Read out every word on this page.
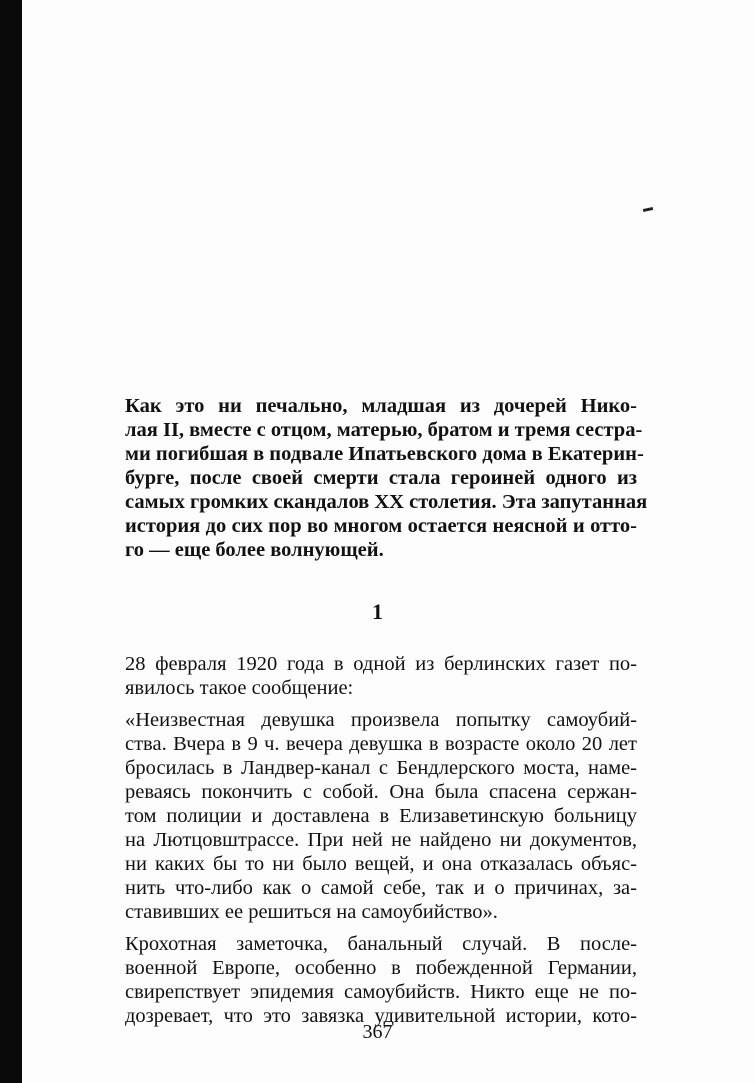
Как это ни печально, младшая из дочерей Нико-
лая II, вместе с отцом, матерью, братом и тремя сестра-
ми погибшая в подвале Ипатьевского дома в Екатерин-
бурге, после своей смерти стала героиней одного из
самых громких скандалов XX столетия. Эта запутанная
история до сих пор во многом остается неясной и отто-
го — еще более волнующей.
1
28 февраля 1920 года в одной из берлинских газет по-
явилось такое сообщение:
«Неизвестная девушка произвела попытку самоубий-
ства. Вчера в 9 ч. вечера девушка в возрасте около 20 лет
бросилась в Ландвер-канал с Бендлерского моста, наме-
реваясь покончить с собой. Она была спасена сержан-
том полиции и доставлена в Елизаветинскую больницу
на Лютцовштрассе. При ней не найдено ни документов,
ни каких бы то ни было вещей, и она отказалась объяс-
нить что-либо как о самой себе, так и о причинах, за-
ставивших ее решиться на самоубийство».
Крохотная заметочка, банальный случай. В после-
военной Европе, особенно в побежденной Германии,
свирепствует эпидемия самоубийств. Никто еще не по-
дозревает, что это завязка удивительной истории, кото-
367
